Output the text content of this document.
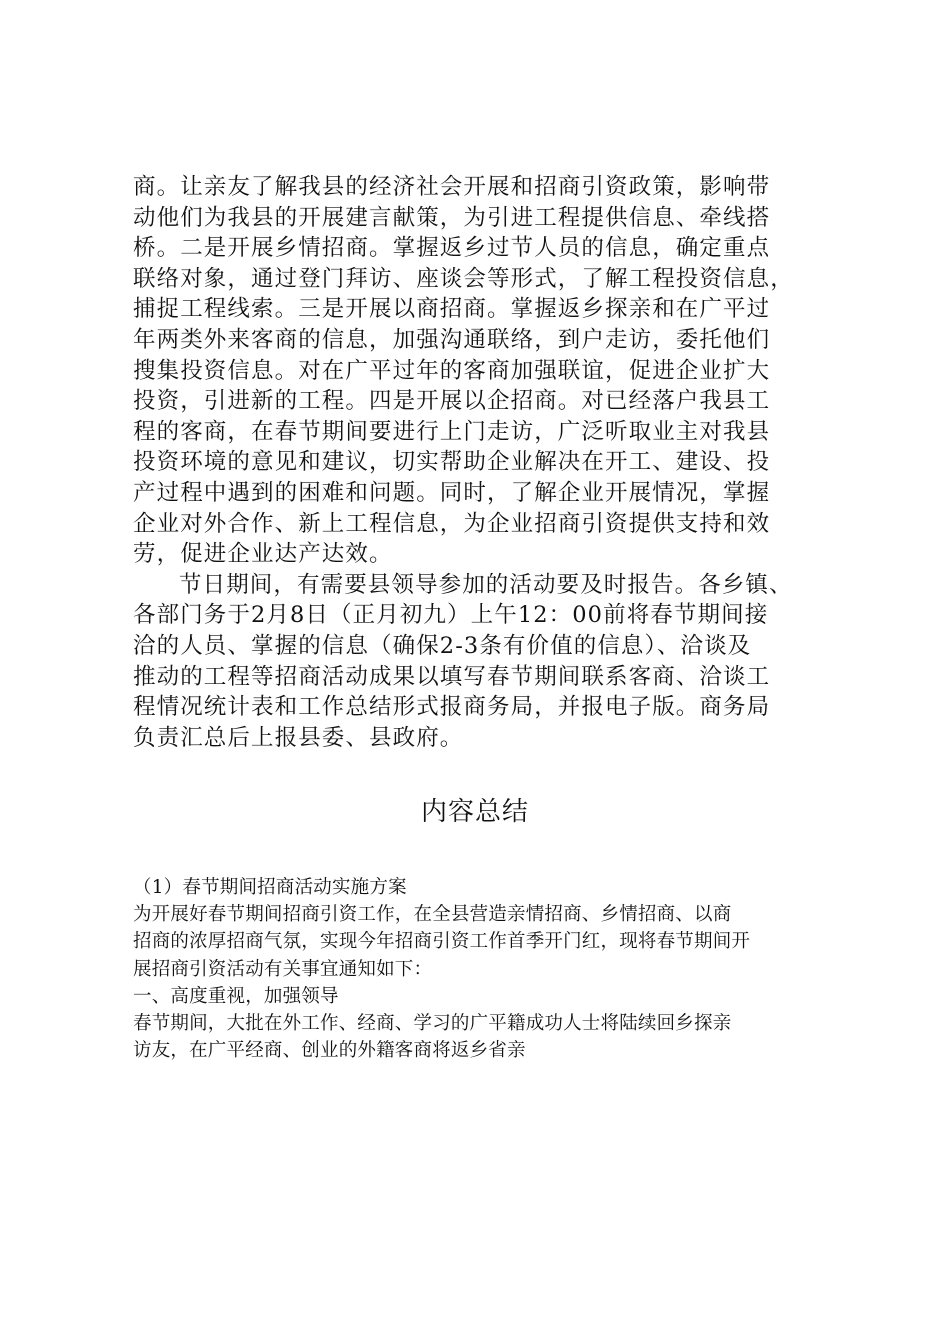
商。让亲友了解我县的经济社会开展和招商引资政策，影响带
动他们为我县的开展建言献策，为引进工程提供信息、牵线搭
桥。二是开展乡情招商。掌握返乡过节人员的信息，确定重点
联络对象，通过登门拜访、座谈会等形式，了解工程投资信息，
捕捉工程线索。三是开展以商招商。掌握返乡探亲和在广平过
年两类外来客商的信息，加强沟通联络，到户走访，委托他们
搜集投资信息。对在广平过年的客商加强联谊，促进企业扩大
投资，引进新的工程。四是开展以企招商。对已经落户我县工
程的客商，在春节期间要进行上门走访，广泛听取业主对我县
投资环境的意见和建议，切实帮助企业解决在开工、建设、投
产过程中遇到的困难和问题。同时，了解企业开展情况，掌握
企业对外合作、新上工程信息，为企业招商引资提供支持和效
劳，促进企业达产达效。
节日期间，有需要县领导参加的活动要及时报告。各乡镇、
各部门务于2月8日（正月初九）上午12：00前将春节期间接
洽的人员、掌握的信息（确保2-3条有价值的信息）、洽谈及
推动的工程等招商活动成果以填写春节期间联系客商、洽谈工
程情况统计表和工作总结形式报商务局，并报电子版。商务局
负责汇总后上报县委、县政府。
内容总结
（1）春节期间招商活动实施方案
为开展好春节期间招商引资工作，在全县营造亲情招商、乡情招商、以商
招商的浓厚招商气氛，实现今年招商引资工作首季开门红，现将春节期间开
展招商引资活动有关事宜通知如下：
一、高度重视，加强领导
春节期间，大批在外工作、经商、学习的广平籍成功人士将陆续回乡探亲
访友，在广平经商、创业的外籍客商将返乡省亲
